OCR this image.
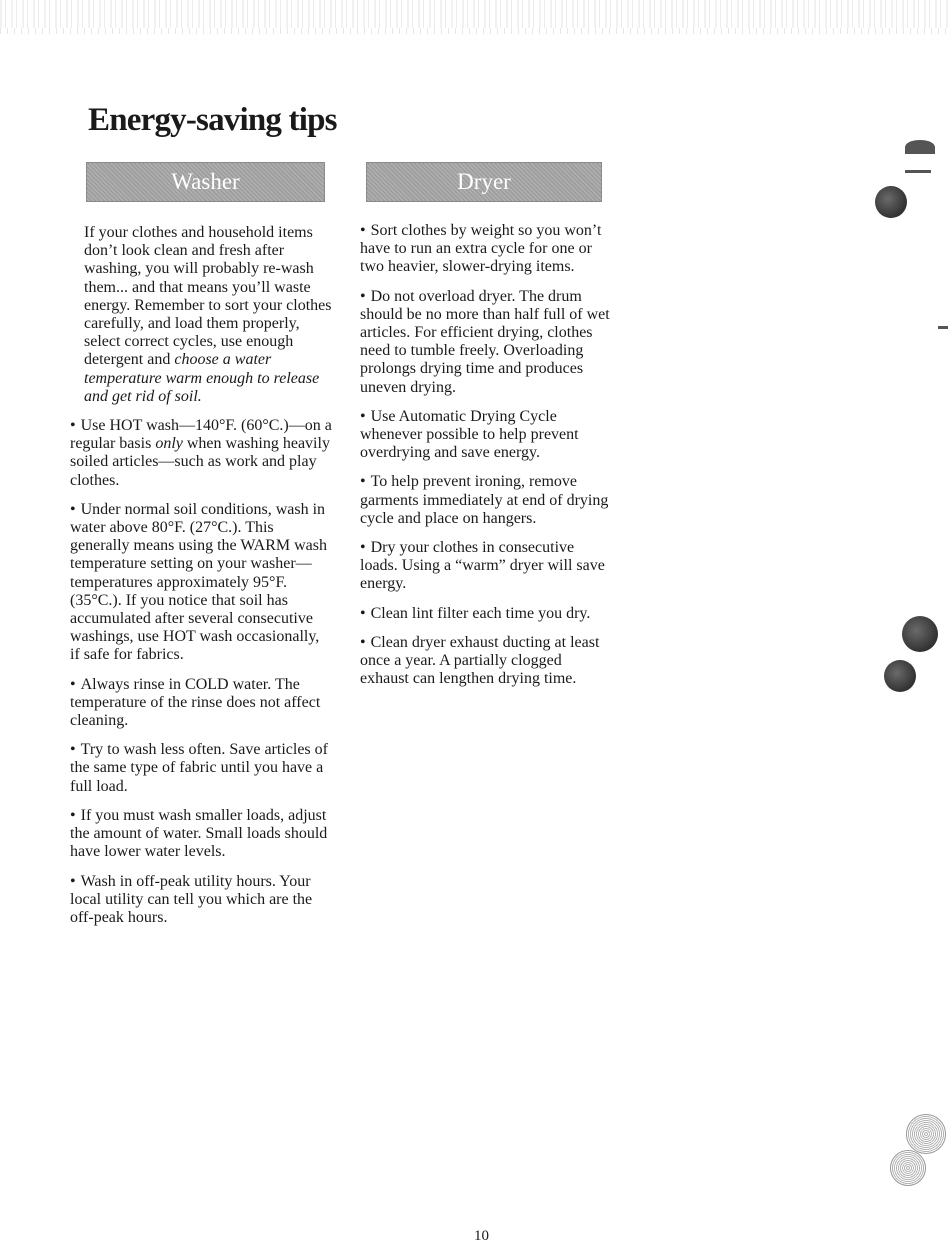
Energy-saving tips
Washer	Dryer

If your clothes and household items don’t look clean and fresh after washing, you will probably re-wash them... and that means you’ll waste energy. Remember to sort your clothes carefully, and load them properly, select correct cycles, use enough detergent and choose a water temperature warm enough to release and get rid of soil.

• Use HOT wash—140°F. (60°C.)—on a regular basis only when washing heavily soiled articles—such as work and play clothes.

• Under normal soil conditions, wash in water above 80°F. (27°C.). This generally means using the WARM wash temperature setting on your washer—temperatures approximately 95°F. (35°C.). If you notice that soil has accumulated after several consecutive washings, use HOT wash occasionally, if safe for fabrics.

• Always rinse in COLD water. The temperature of the rinse does not affect cleaning.

• Try to wash less often. Save articles of the same type of fabric until you have a full load.

• If you must wash smaller loads, adjust the amount of water. Small loads should have lower water levels.

• Wash in off-peak utility hours. Your local utility can tell you which are the off-peak hours.

• Sort clothes by weight so you won’t have to run an extra cycle for one or two heavier, slower-drying items.

• Do not overload dryer. The drum should be no more than half full of wet articles. For efficient drying, clothes need to tumble freely. Overloading prolongs drying time and produces uneven drying.

• Use Automatic Drying Cycle whenever possible to help prevent overdrying and save energy.

• To help prevent ironing, remove garments immediately at end of drying cycle and place on hangers.

• Dry your clothes in consecutive loads. Using a “warm” dryer will save energy.

• Clean lint filter each time you dry.

• Clean dryer exhaust ducting at least once a year. A partially clogged exhaust can lengthen drying time.

10
